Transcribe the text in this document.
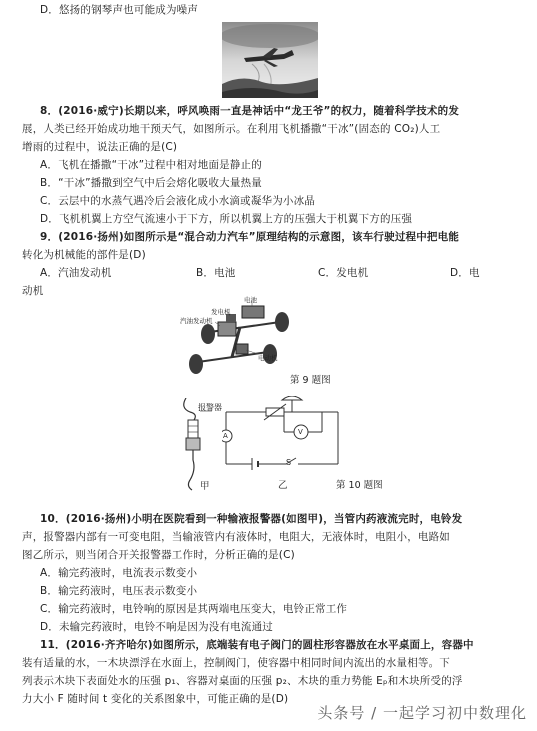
D．悠扬的钢琴声也可能成为噪声
8．(2016·威宁)长期以来，呼风唤雨一直是神话中“龙王爷”的权力，随着科学技术的发
展，人类已经开始成功地干预天气，如图所示。在利用飞机播撒“干冰”(固态的 CO₂)人工
增雨的过程中，说法正确的是(C)
A．飞机在播撒“干冰”过程中相对地面是静止的
B．“干冰”播撒到空气中后会熔化吸收大量热量
C．云层中的水蒸气遇冷后会液化成小水滴或凝华为小冰晶
D．飞机机翼上方空气流速小于下方，所以机翼上方的压强大于机翼下方的压强
9．(2016·扬州)如图所示是“混合动力汽车”原理结构的示意图，该车行驶过程中把电能
转化为机械能的部件是(D)
A．汽油发动机	B．电池	C．发电机	D．电
动机
电池
汽油发动机
发电机
电动机
第 9 题图
报警器
甲
A	V
S
乙	第 10 题图
10．(2016·扬州)小明在医院看到一种输液报警器(如图甲)，当管内药液流完时，电铃发
声，报警器内部有一可变电阻，当输液管内有液体时，电阻大，无液体时，电阻小，电路如
图乙所示，则当闭合开关报警器工作时，分析正确的是(C)
A．输完药液时，电流表示数变小
B．输完药液时，电压表示数变小
C．输完药液时，电铃响的原因是其两端电压变大，电铃正常工作
D．未输完药液时，电铃不响是因为没有电流通过
11．(2016·齐齐哈尔)如图所示，底端装有电子阀门的圆柱形容器放在水平桌面上，容器中
装有适量的水，一木块漂浮在水面上，控制阀门，使容器中相同时间内流出的水量相等。下
列表示木块下表面处水的压强 p₁、容器对桌面的压强 p₂、木块的重力势能 Eₚ和木块所受的浮
力大小 F 随时间 t 变化的关系图象中，可能正确的是(D)
头条号 / 一起学习初中数理化
